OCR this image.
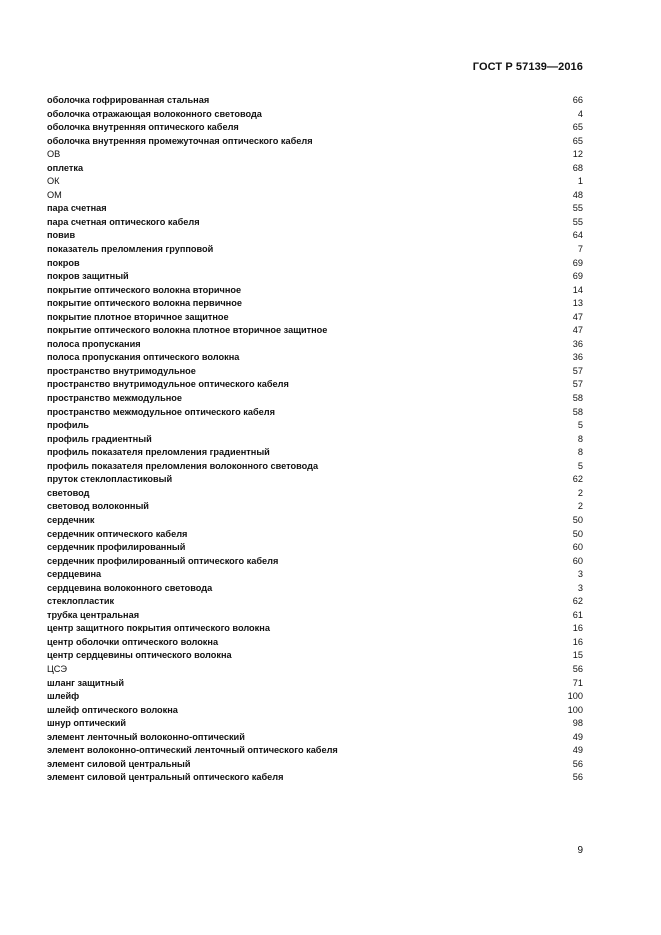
ГОСТ Р 57139—2016
оболочка гофрированная стальная	66
оболочка отражающая волоконного световода	4
оболочка внутренняя оптического кабеля	65
оболочка внутренняя промежуточная оптического кабеля	65
ОВ	12
оплетка	68
ОК	1
ОМ	48
пара счетная	55
пара счетная оптического кабеля	55
повив	64
показатель преломления групповой	7
покров	69
покров защитный	69
покрытие оптического волокна вторичное	14
покрытие оптического волокна первичное	13
покрытие плотное вторичное защитное	47
покрытие оптического волокна плотное вторичное защитное	47
полоса пропускания	36
полоса пропускания оптического волокна	36
пространство внутримодульное	57
пространство внутримодульное оптического кабеля	57
пространство межмодульное	58
пространство межмодульное оптического кабеля	58
профиль	5
профиль градиентный	8
профиль показателя преломления градиентный	8
профиль показателя преломления волоконного световода	5
пруток стеклопластиковый	62
световод	2
световод волоконный	2
сердечник	50
сердечник оптического кабеля	50
сердечник профилированный	60
сердечник профилированный оптического кабеля	60
сердцевина	3
сердцевина волоконного световода	3
стеклопластик	62
трубка центральная	61
центр защитного покрытия оптического волокна	16
центр оболочки оптического волокна	16
центр сердцевины оптического волокна	15
ЦСЭ	56
шланг защитный	71
шлейф	100
шлейф оптического волокна	100
шнур оптический	98
элемент ленточный волоконно-оптический	49
элемент волоконно-оптический ленточный оптического кабеля	49
элемент силовой центральный	56
элемент силовой центральный оптического кабеля	56
9
